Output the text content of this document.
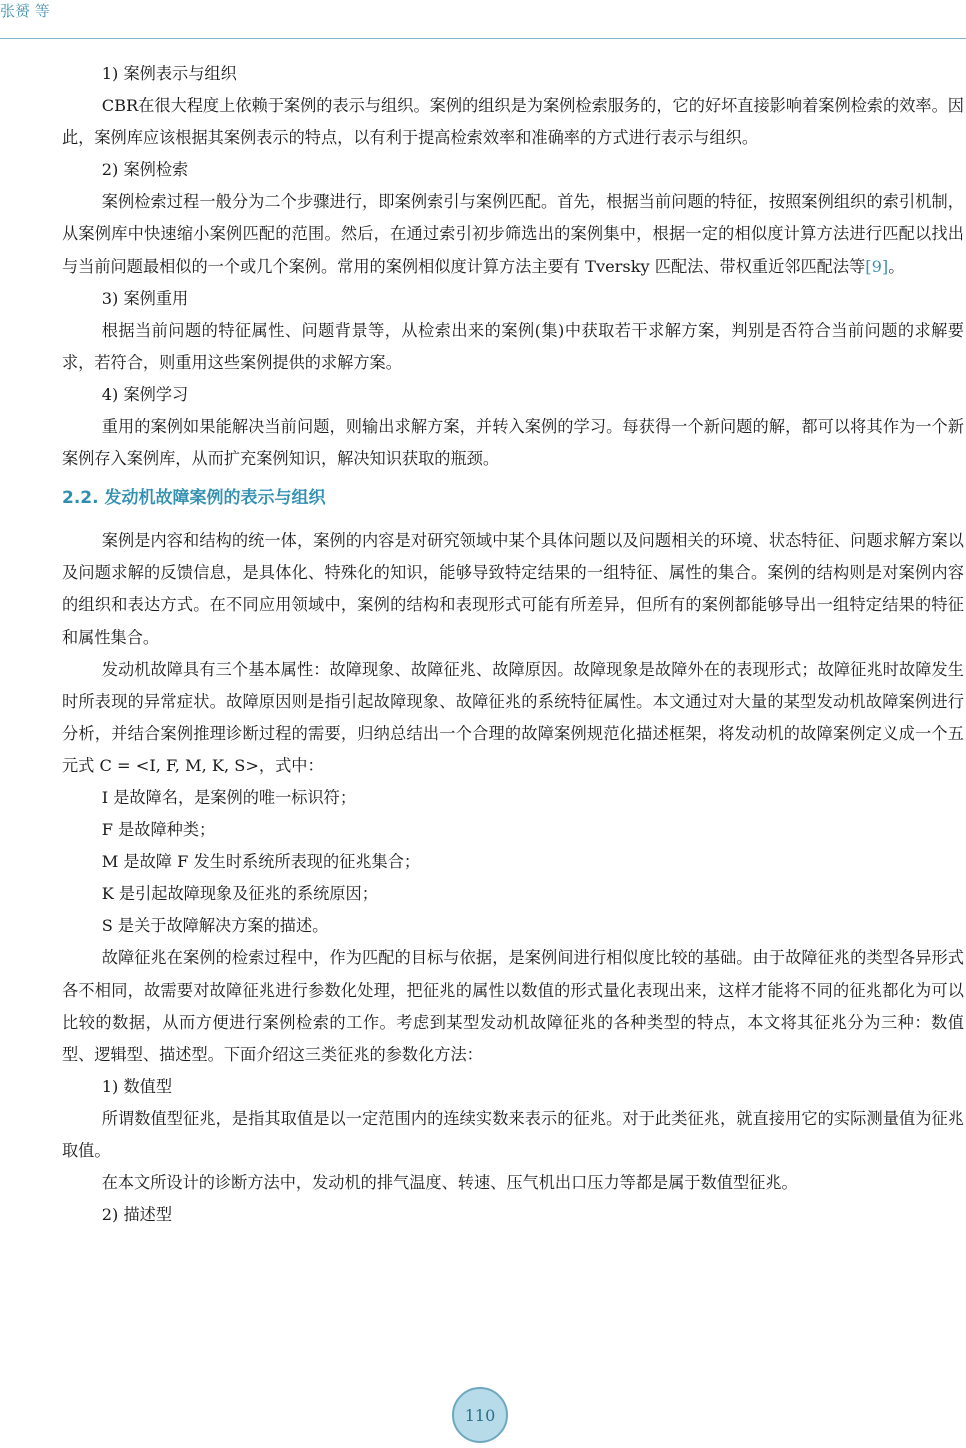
张赟 等

1) 案例表示与组织

CBR在很大程度上依赖于案例的表示与组织。案例的组织是为案例检索服务的，它的好坏直接影响着案例检索的效率。因此，案例库应该根据其案例表示的特点，以有利于提高检索效率和准确率的方式进行表示与组织。

2) 案例检索

案例检索过程一般分为二个步骤进行，即案例索引与案例匹配。首先，根据当前问题的特征，按照案例组织的索引机制，从案例库中快速缩小案例匹配的范围。然后，在通过索引初步筛选出的案例集中，根据一定的相似度计算方法进行匹配以找出与当前问题最相似的一个或几个案例。常用的案例相似度计算方法主要有 Tversky 匹配法、带权重近邻匹配法等[9]。

3) 案例重用

根据当前问题的特征属性、问题背景等，从检索出来的案例(集)中获取若干求解方案，判别是否符合当前问题的求解要求，若符合，则重用这些案例提供的求解方案。

4) 案例学习

重用的案例如果能解决当前问题，则输出求解方案，并转入案例的学习。每获得一个新问题的解，都可以将其作为一个新案例存入案例库，从而扩充案例知识，解决知识获取的瓶颈。

2.2. 发动机故障案例的表示与组织

案例是内容和结构的统一体，案例的内容是对研究领域中某个具体问题以及问题相关的环境、状态特征、问题求解方案以及问题求解的反馈信息，是具体化、特殊化的知识，能够导致特定结果的一组特征、属性的集合。案例的结构则是对案例内容的组织和表达方式。在不同应用领域中，案例的结构和表现形式可能有所差异，但所有的案例都能够导出一组特定结果的特征和属性集合。

发动机故障具有三个基本属性：故障现象、故障征兆、故障原因。故障现象是故障外在的表现形式；故障征兆时故障发生时所表现的异常症状。故障原因则是指引起故障现象、故障征兆的系统特征属性。本文通过对大量的某型发动机故障案例进行分析，并结合案例推理诊断过程的需要，归纳总结出一个合理的故障案例规范化描述框架，将发动机的故障案例定义成一个五元式 C = <I, F, M, K, S>，式中：

I 是故障名，是案例的唯一标识符；

F 是故障种类；

M 是故障 F 发生时系统所表现的征兆集合；

K 是引起故障现象及征兆的系统原因；

S 是关于故障解决方案的描述。

故障征兆在案例的检索过程中，作为匹配的目标与依据，是案例间进行相似度比较的基础。由于故障征兆的类型各异形式各不相同，故需要对故障征兆进行参数化处理，把征兆的属性以数值的形式量化表现出来，这样才能将不同的征兆都化为可以比较的数据，从而方便进行案例检索的工作。考虑到某型发动机故障征兆的各种类型的特点，本文将其征兆分为三种：数值型、逻辑型、描述型。下面介绍这三类征兆的参数化方法：

1) 数值型

所谓数值型征兆，是指其取值是以一定范围内的连续实数来表示的征兆。对于此类征兆，就直接用它的实际测量值为征兆取值。

在本文所设计的诊断方法中，发动机的排气温度、转速、压气机出口压力等都是属于数值型征兆。

2) 描述型

110
